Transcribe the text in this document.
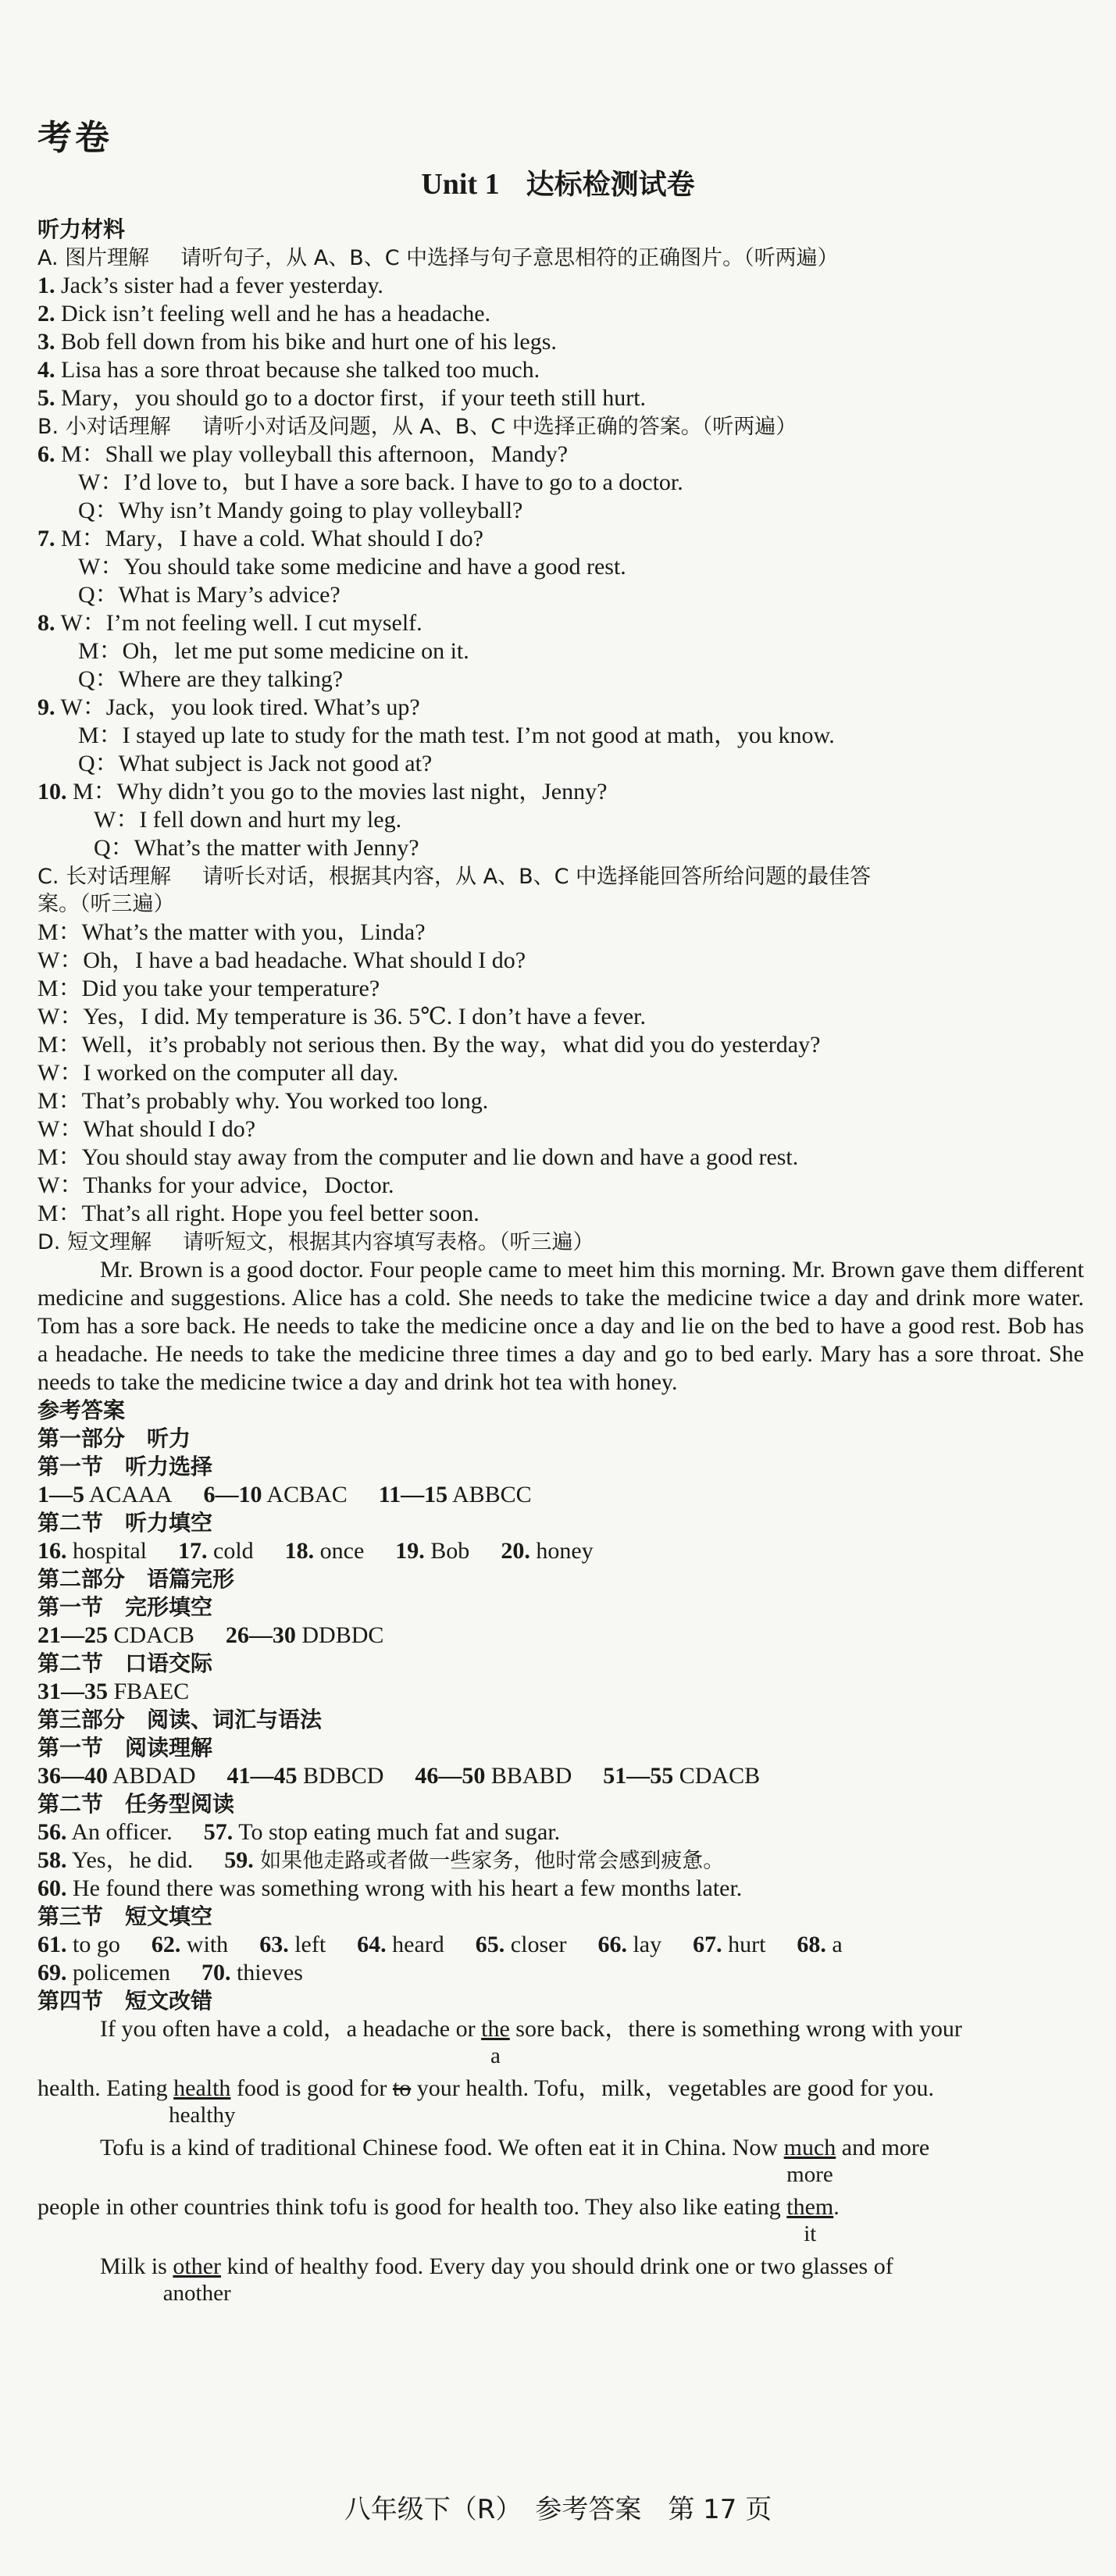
考卷
Unit 1 达标检测试卷
听力材料
A. 图片理解 请听句子，从 A、B、C 中选择与句子意思相符的正确图片。（听两遍）
1. Jack’s sister had a fever yesterday.
2. Dick isn’t feeling well and he has a headache.
3. Bob fell down from his bike and hurt one of his legs.
4. Lisa has a sore throat because she talked too much.
5. Mary，you should go to a doctor first，if your teeth still hurt.
B. 小对话理解 请听小对话及问题，从 A、B、C 中选择正确的答案。（听两遍）
6. M：Shall we play volleyball this afternoon，Mandy?
W：I’d love to，but I have a sore back. I have to go to a doctor.
Q：Why isn’t Mandy going to play volleyball?
7. M：Mary，I have a cold. What should I do?
W：You should take some medicine and have a good rest.
Q：What is Mary’s advice?
8. W：I’m not feeling well. I cut myself.
M：Oh，let me put some medicine on it.
Q：Where are they talking?
9. W：Jack，you look tired. What’s up?
M：I stayed up late to study for the math test. I’m not good at math，you know.
Q：What subject is Jack not good at?
10. M：Why didn’t you go to the movies last night，Jenny?
W：I fell down and hurt my leg.
Q：What’s the matter with Jenny?
C. 长对话理解 请听长对话，根据其内容，从 A、B、C 中选择能回答所给问题的最佳答
案。（听三遍）
M：What’s the matter with you，Linda?
W：Oh，I have a bad headache. What should I do?
M：Did you take your temperature?
W：Yes，I did. My temperature is 36. 5℃. I don’t have a fever.
M：Well，it’s probably not serious then. By the way，what did you do yesterday?
W：I worked on the computer all day.
M：That’s probably why. You worked too long.
W：What should I do?
M：You should stay away from the computer and lie down and have a good rest.
W：Thanks for your advice，Doctor.
M：That’s all right. Hope you feel better soon.
D. 短文理解 请听短文，根据其内容填写表格。（听三遍）
Mr. Brown is a good doctor. Four people came to meet him this morning. Mr. Brown gave them different medicine and suggestions. Alice has a cold. She needs to take the medicine twice a day and drink more water. Tom has a sore back. He needs to take the medicine once a day and lie on the bed to have a good rest. Bob has a headache. He needs to take the medicine three times a day and go to bed early. Mary has a sore throat. She needs to take the medicine twice a day and drink hot tea with honey.
参考答案
第一部分　听力
第一节　听力选择
1—5 ACAAA 6—10 ACBAC 11—15 ABBCC
第二节　听力填空
16. hospital 17. cold 18. once 19. Bob 20. honey
第二部分　语篇完形
第一节　完形填空
21—25 CDACB 26—30 DDBDC
第二节　口语交际
31—35 FBAEC
第三部分　阅读、词汇与语法
第一节　阅读理解
36—40 ABDAD 41—45 BDBCD 46—50 BBABD 51—55 CDACB
第二节　任务型阅读
56. An officer. 57. To stop eating much fat and sugar.
58. Yes，he did. 59. 如果他走路或者做一些家务，他时常会感到疲惫。
60. He found there was something wrong with his heart a few months later.
第三节　短文填空
61. to go 62. with 63. left 64. heard 65. closer 66. lay 67. hurt 68. a
69. policemen 70. thieves
第四节　短文改错
If you often have a cold，a headache or the
a
sore back，there is something wrong with your
health. Eating health
healthy
food is good for to your health. Tofu，milk，vegetables are good for you.
Tofu is a kind of traditional Chinese food. We often eat it in China. Now much
more
and more
people in other countries think tofu is good for health too. They also like eating them
it
.
Milk is other
another
kind of healthy food. Every day you should drink one or two glasses of
八年级下（R）　参考答案　第 17 页
